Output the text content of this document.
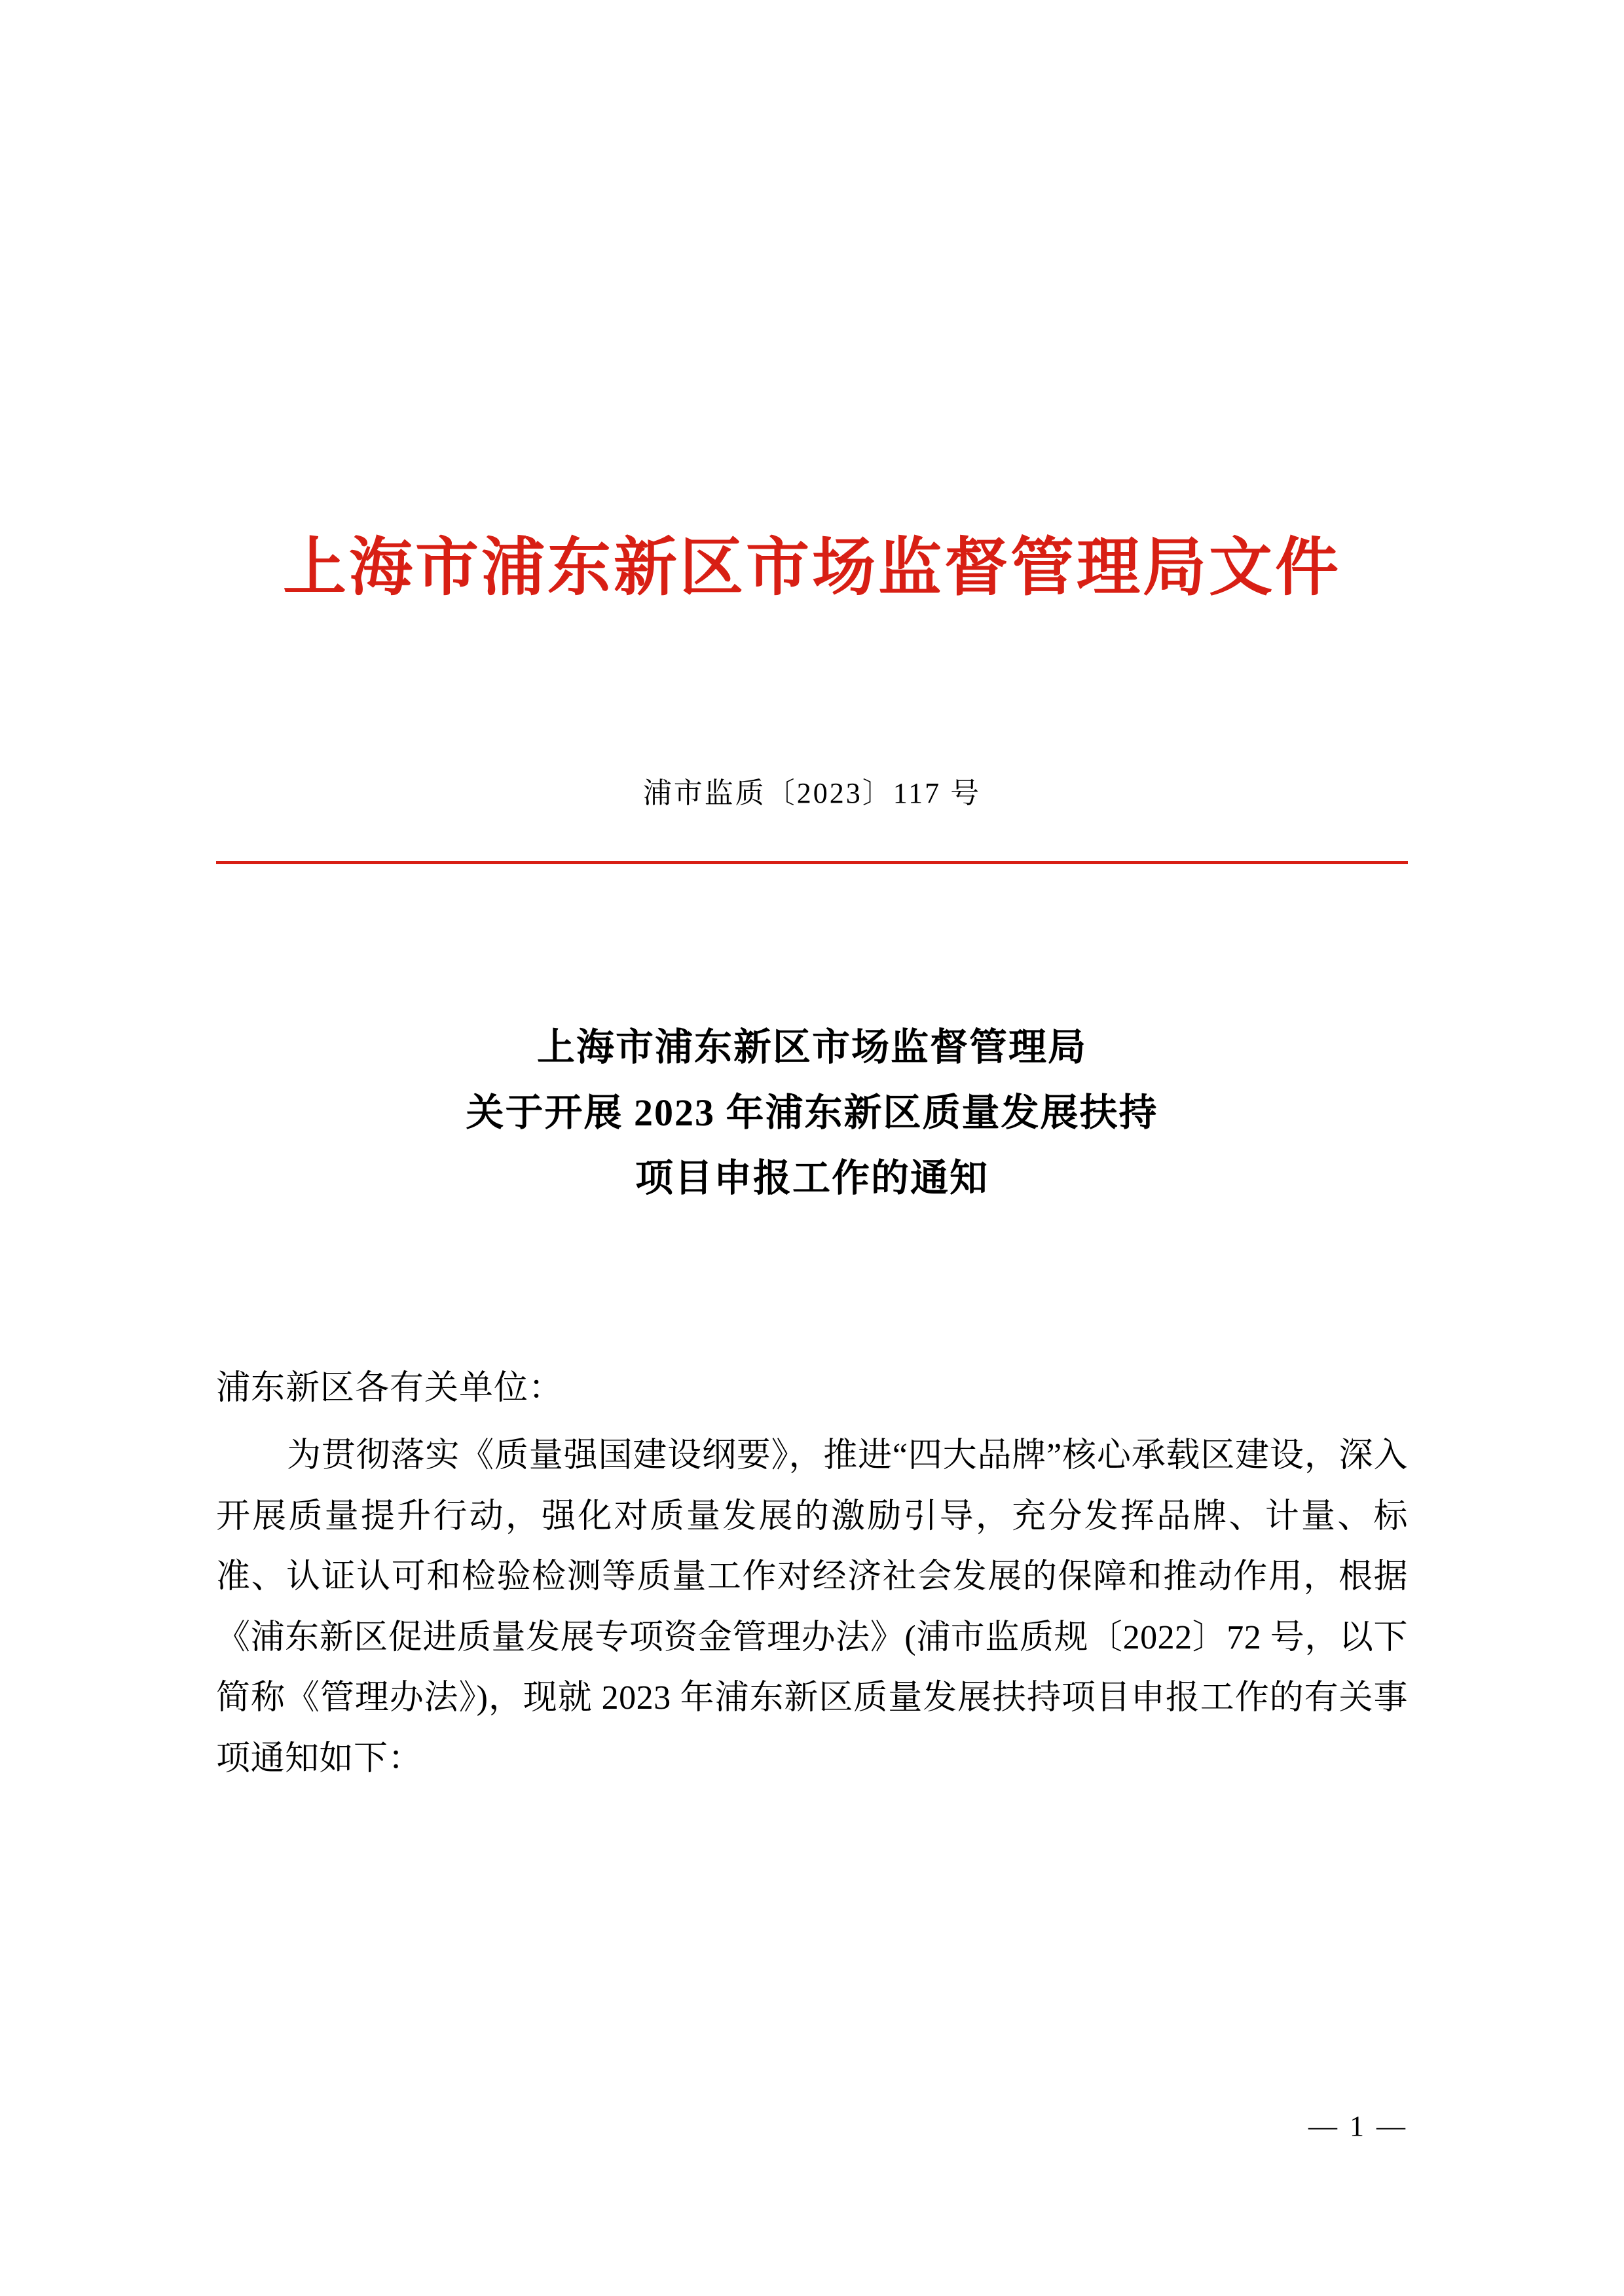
上海市浦东新区市场监督管理局文件
浦市监质〔2023〕117 号
上海市浦东新区市场监督管理局
关于开展 2023 年浦东新区质量发展扶持
项目申报工作的通知
浦东新区各有关单位：

为贯彻落实《质量强国建设纲要》，推进“四大品牌”核心承载区建设，深入开展质量提升行动，强化对质量发展的激励引导，充分发挥品牌、计量、标准、认证认可和检验检测等质量工作对经济社会发展的保障和推动作用，根据《浦东新区促进质量发展专项资金管理办法》(浦市监质规〔2022〕72 号，以下简称《管理办法》)，现就 2023 年浦东新区质量发展扶持项目申报工作的有关事项通知如下：

— 1 —
